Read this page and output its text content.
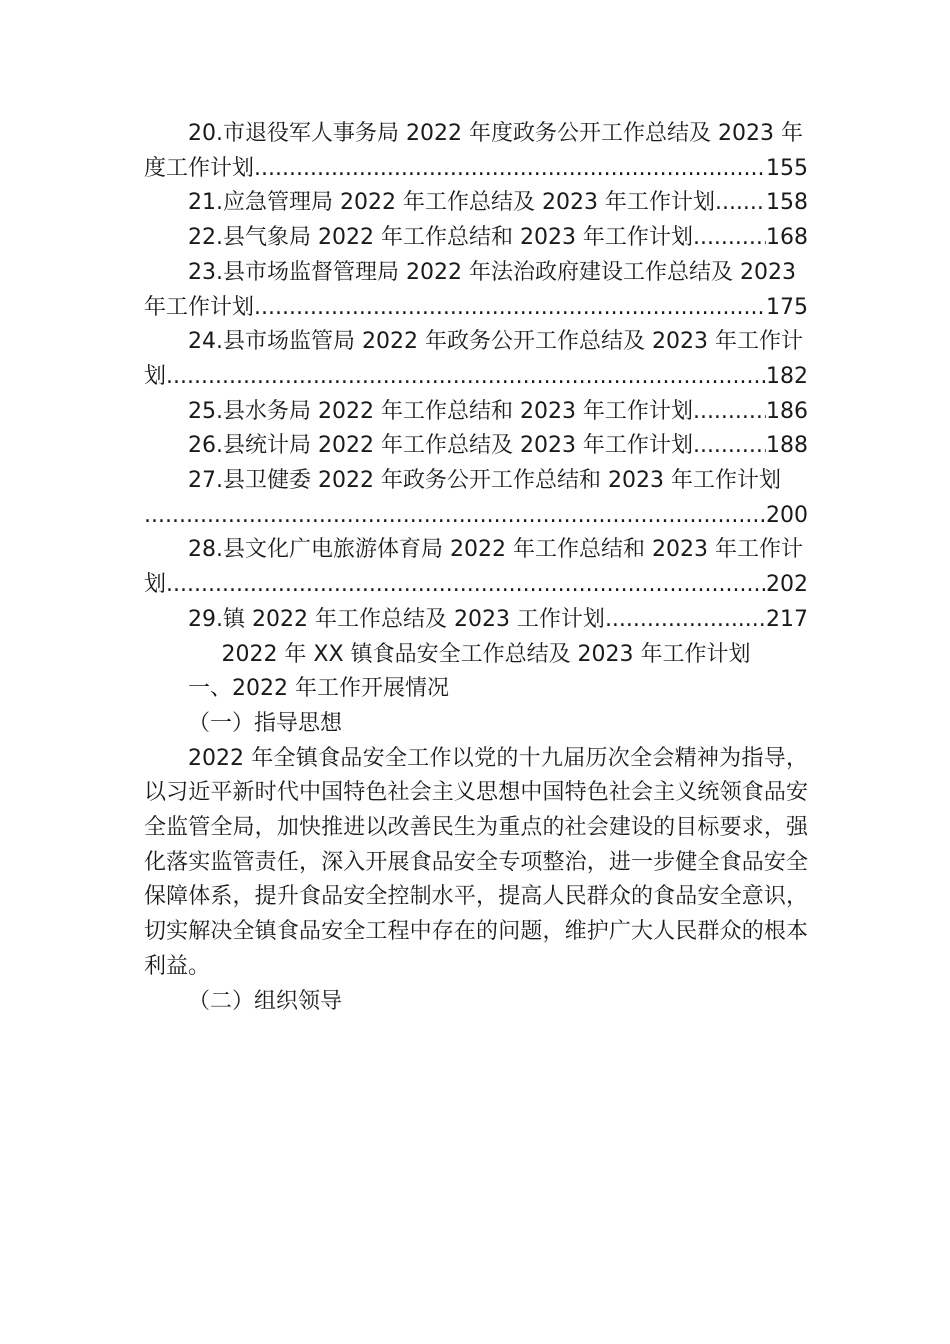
20.市退役军人事务局 2022 年度政务公开工作总结及 2023 年
度工作计划 .....	155
21.应急管理局 2022 年工作总结及 2023 年工作计划 ..... 158
22.县气象局 2022 年工作总结和 2023 年工作计划 .....	168
23.县市场监督管理局 2022 年法治政府建设工作总结及 2023
年工作计划 .....	175
24.县市场监管局 2022 年政务公开工作总结及 2023 年工作计
划 .....	182
25.县水务局 2022 年工作总结和 2023 年工作计划 .....	186
26.县统计局 2022 年工作总结及 2023 年工作计划 .....	188
27.县卫健委 2022 年政务公开工作总结和 2023 年工作计划
.....
200
28.县文化广电旅游体育局 2022 年工作总结和 2023 年工作计
划 .....	202
29.镇 2022 年工作总结及 2023 工作计划 .....	217
2022 年 XX 镇食品安全工作总结及 2023 年工作计划
一、2022 年工作开展情况
（一）指导思想
2022 年全镇食品安全工作以党的十九届历次全会精神为指导，以习近平新时代中国特色社会主义思想中国特色社会主义统领食品安全监管全局，加快推进以改善民生为重点的社会建设的目标要求，强化落实监管责任，深入开展食品安全专项整治，进一步健全食品安全保障体系，提升食品安全控制水平，提高人民群众的食品安全意识，切实解决全镇食品安全工程中存在的问题，维护广大人民群众的根本利益。
（二）组织领导
